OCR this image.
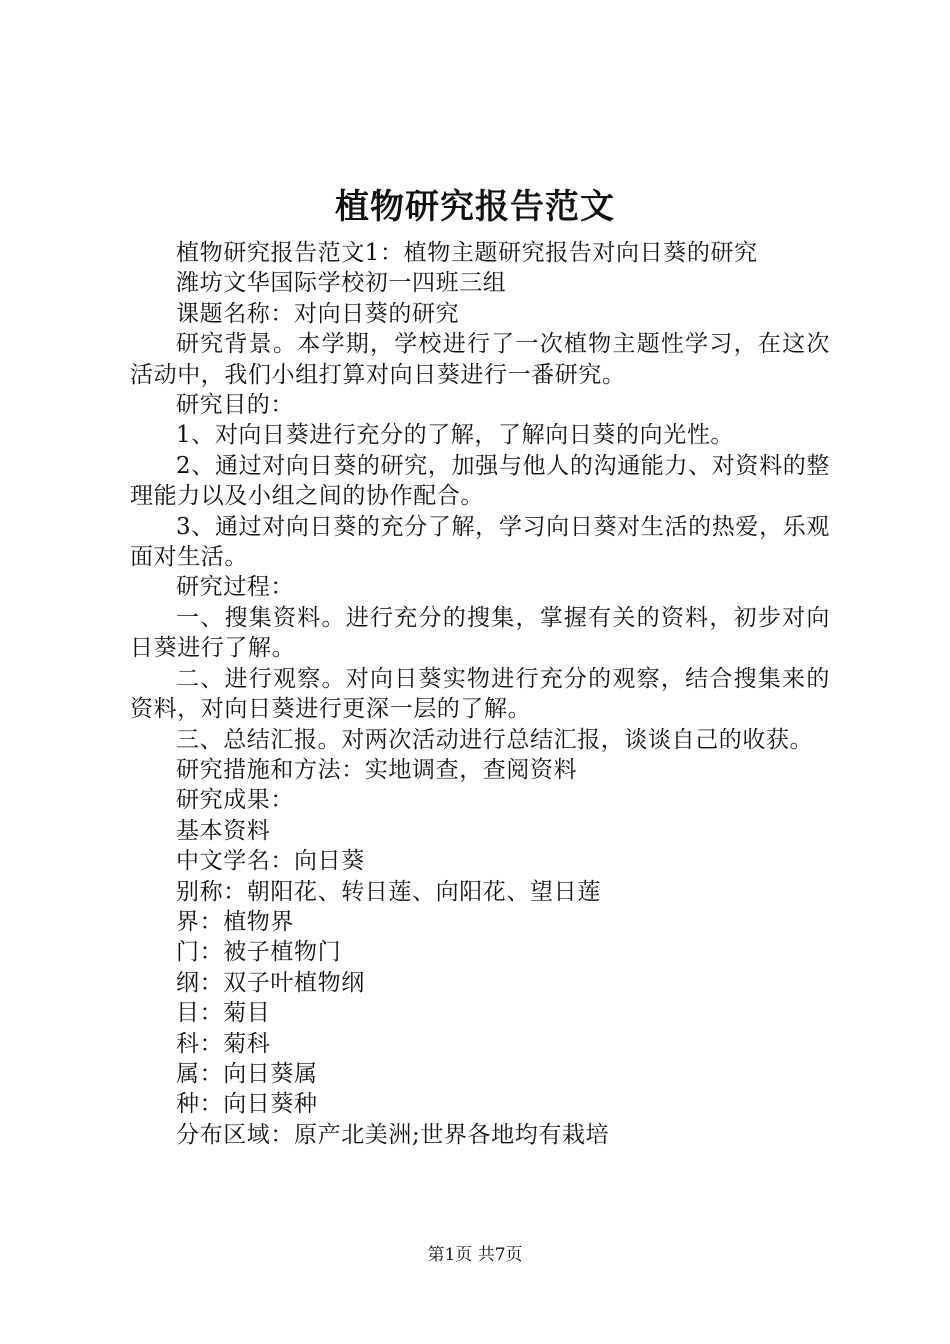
植物研究报告范文

植物研究报告范文1：植物主题研究报告对向日葵的研究

潍坊文华国际学校初一四班三组

课题名称：对向日葵的研究

研究背景。本学期，学校进行了一次植物主题性学习，在这次活动中，我们小组打算对向日葵进行一番研究。

研究目的：

1、对向日葵进行充分的了解，了解向日葵的向光性。

2、通过对向日葵的研究，加强与他人的沟通能力、对资料的整理能力以及小组之间的协作配合。

3、通过对向日葵的充分了解，学习向日葵对生活的热爱，乐观面对生活。

研究过程：

一、搜集资料。进行充分的搜集，掌握有关的资料，初步对向日葵进行了解。

二、进行观察。对向日葵实物进行充分的观察，结合搜集来的资料，对向日葵进行更深一层的了解。

三、总结汇报。对两次活动进行总结汇报，谈谈自己的收获。

研究措施和方法：实地调查，查阅资料

研究成果：

基本资料

中文学名：向日葵

别称：朝阳花、转日莲、向阳花、望日莲

界：植物界

门：被子植物门

纲：双子叶植物纲

目：菊目

科：菊科

属：向日葵属

种：向日葵种

分布区域：原产北美洲;世界各地均有栽培

第1页 共7页
